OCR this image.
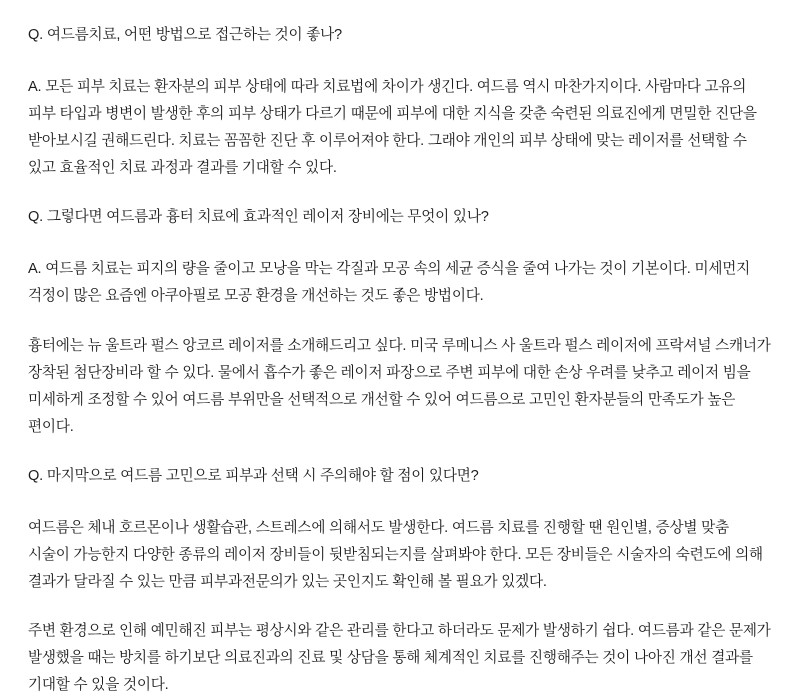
Q. 여드름치료, 어떤 방법으로 접근하는 것이 좋나?

A. 모든 피부 치료는 환자분의 피부 상태에 따라 치료법에 차이가 생긴다. 여드름 역시 마찬가지이다. 사람마다 고유의 피부 타입과 병변이 발생한 후의 피부 상태가 다르기 때문에 피부에 대한 지식을 갖춘 숙련된 의료진에게 면밀한 진단을 받아보시길 권해드린다. 치료는 꼼꼼한 진단 후 이루어져야 한다. 그래야 개인의 피부 상태에 맞는 레이저를 선택할 수 있고 효율적인 치료 과정과 결과를 기대할 수 있다.

Q. 그렇다면 여드름과 흉터 치료에 효과적인 레이저 장비에는 무엇이 있나?

A. 여드름 치료는 피지의 량을 줄이고 모낭을 막는 각질과 모공 속의 세균 증식을 줄여 나가는 것이 기본이다. 미세먼지 걱정이 많은 요즘엔 아쿠아필로 모공 환경을 개선하는 것도 좋은 방법이다.

흉터에는 뉴 울트라 펄스 앙코르 레이저를 소개해드리고 싶다. 미국 루메니스 사 울트라 펄스 레이저에 프락셔널 스캐너가 장착된 첨단장비라 할 수 있다. 물에서 흡수가 좋은 레이저 파장으로 주변 피부에 대한 손상 우려를 낮추고 레이저 빔을 미세하게 조정할 수 있어 여드름 부위만을 선택적으로 개선할 수 있어 여드름으로 고민인 환자분들의 만족도가 높은 편이다.

Q. 마지막으로 여드름 고민으로 피부과 선택 시 주의해야 할 점이 있다면?

여드름은 체내 호르몬이나 생활습관, 스트레스에 의해서도 발생한다. 여드름 치료를 진행할 땐 원인별, 증상별 맞춤 시술이 가능한지 다양한 종류의 레이저 장비들이 뒷받침되는지를 살펴봐야 한다. 모든 장비들은 시술자의 숙련도에 의해 결과가 달라질 수 있는 만큼 피부과전문의가 있는 곳인지도 확인해 볼 필요가 있겠다.

주변 환경으로 인해 예민해진 피부는 평상시와 같은 관리를 한다고 하더라도 문제가 발생하기 쉽다. 여드름과 같은 문제가 발생했을 때는 방치를 하기보단 의료진과의 진료 및 상담을 통해 체계적인 치료를 진행해주는 것이 나아진 개선 결과를 기대할 수 있을 것이다.
